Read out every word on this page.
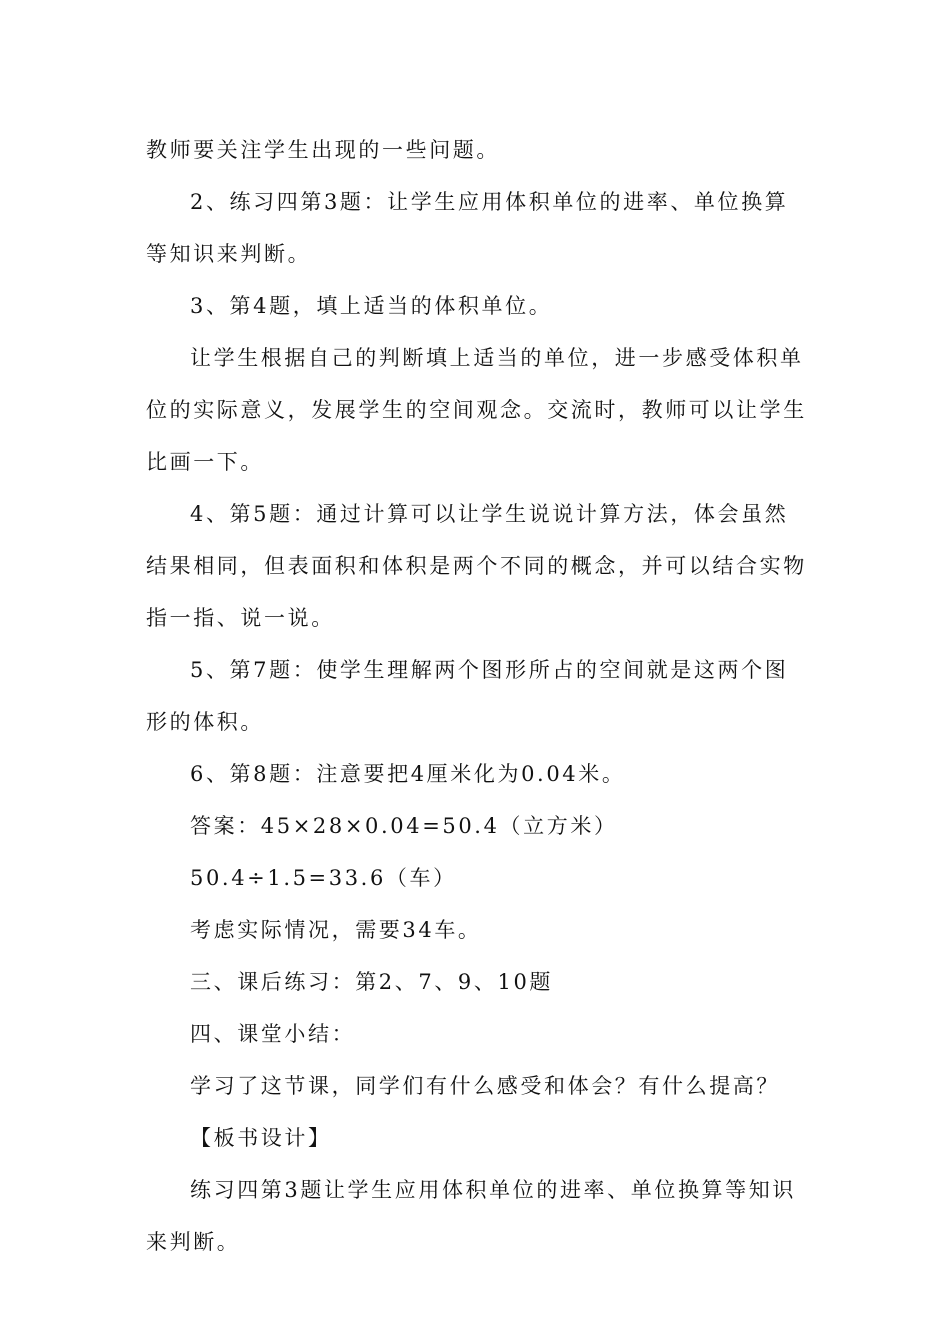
教师要关注学生出现的一些问题。

2、练习四第3题：让学生应用体积单位的进率、单位换算等知识来判断。

3、第4题，填上适当的体积单位。

让学生根据自己的判断填上适当的单位，进一步感受体积单位的实际意义，发展学生的空间观念。交流时，教师可以让学生比画一下。

4、第5题：通过计算可以让学生说说计算方法，体会虽然结果相同，但表面积和体积是两个不同的概念，并可以结合实物指一指、说一说。

5、第7题：使学生理解两个图形所占的空间就是这两个图形的体积。

6、第8题：注意要把4厘米化为0.04米。

答案：45×28×0.04=50.4（立方米）

50.4÷1.5=33.6（车）

考虑实际情况，需要34车。

三、课后练习：第2、7、9、10题

四、课堂小结：

学习了这节课，同学们有什么感受和体会？有什么提高？

【板书设计】

练习四第3题让学生应用体积单位的进率、单位换算等知识来判断。
